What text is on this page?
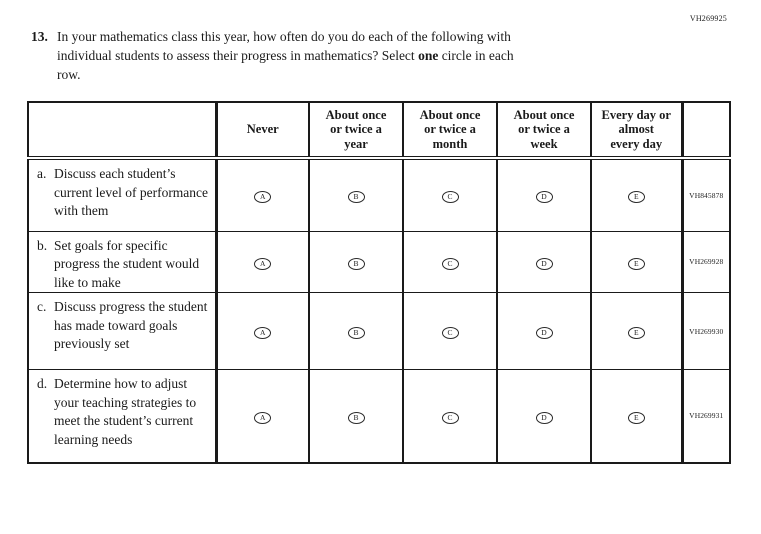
VH269925
13. In your mathematics class this year, how often do you do each of the following with
individual students to assess their progress in mathematics? Select one circle in each
row.

	Never	About once
or twice a
year	About once
or twice a
month	About once
or twice a
week	Every day or
almost
every day	

a. Discuss each student’s current level of performance with them	A	B	C	D	E	VH845878

b. Set goals for specific progress the student would like to make	A	B	C	D	E	VH269928

c. Discuss progress the student has made toward goals previously set	A	B	C	D	E	VH269930

d. Determine how to adjust your teaching strategies to meet the student’s current learning needs	A	B	C	D	E	VH269931
